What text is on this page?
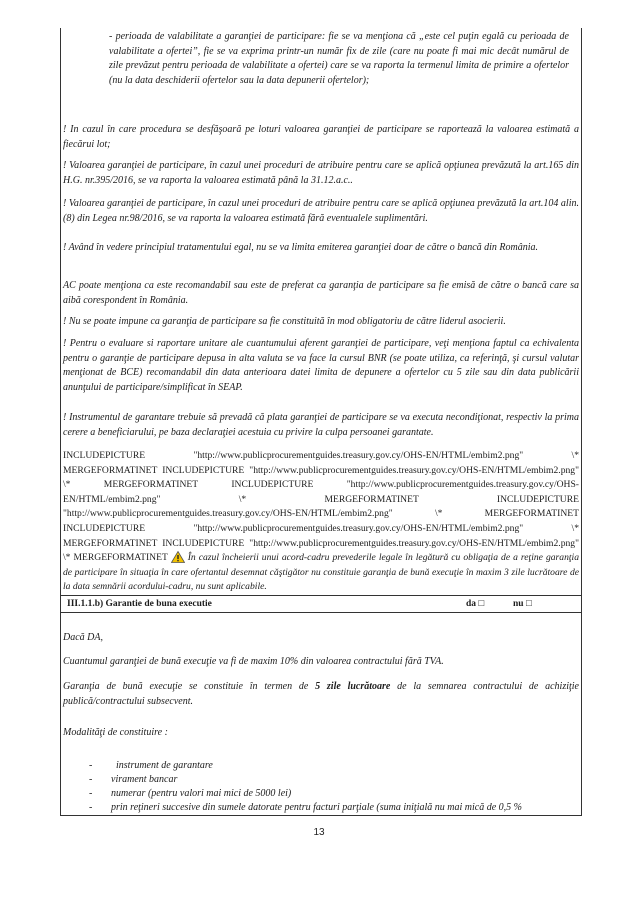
- perioada de valabilitate a garanţiei de participare: fie se va menţiona că „este cel puţin egală cu perioada de valabilitate a ofertei”, fie se va exprima printr-un număr fix de zile (care nu poate fi mai mic decât numărul de zile prevăzut pentru perioada de valabilitate a ofertei) care se va raporta la termenul limita de primire a ofertelor (nu la data deschiderii ofertelor sau la data depunerii ofertelor);

! In cazul în care procedura se desfăşoară pe loturi valoarea garanţiei de participare se raportează la valoarea estimată a fiecărui lot;

! Valoarea garanţiei de participare, în cazul unei proceduri de atribuire pentru care se aplică opţiunea prevăzută la art.165 din H.G. nr.395/2016, se va raporta la valoarea estimată până la 31.12.a.c..

! Valoarea garanţiei de participare, în cazul unei proceduri de atribuire pentru care se aplică opţiunea prevăzută la art.104 alin. (8) din Legea nr.98/2016, se va raporta la valoarea estimată fără eventualele suplimentări.

! Având în vedere principiul tratamentului egal, nu se va limita emiterea garanţiei doar de către o bancă din România.

AC poate menţiona ca este recomandabil sau este de preferat ca garanţia de participare sa fie emisă de către o bancă care sa aibă corespondent în România.

! Nu se poate impune ca garanţia de participare sa fie constituită în mod obligatoriu de către liderul asocierii.

! Pentru o evaluare si raportare unitare ale cuantumului aferent garanţiei de participare, veţi menţiona faptul ca echivalenta pentru o garanţie de participare depusa in alta valuta se va face la cursul BNR (se poate utiliza, ca referinţă, şi cursul valutar menţionat de BCE) recomandabil din data anterioara datei limita de depunere a ofertelor cu 5 zile sau din data publicării anunţului de participare/simplificat în SEAP.

! Instrumentul de garantare trebuie să prevadă că plata garanţiei de participare se va executa necondiţionat, respectiv la prima cerere a beneficiarului, pe baza declaraţiei acestuia cu privire la culpa persoanei garantate.

INCLUDEPICTURE "http://www.publicprocurementguides.treasury.gov.cy/OHS-EN/HTML/embim2.png" \* MERGEFORMATINET INCLUDEPICTURE "http://www.publicprocurementguides.treasury.gov.cy/OHS-EN/HTML/embim2.png" \* MERGEFORMATINET INCLUDEPICTURE "http://www.publicprocurementguides.treasury.gov.cy/OHS-EN/HTML/embim2.png" \* MERGEFORMATINET INCLUDEPICTURE "http://www.publicprocurementguides.treasury.gov.cy/OHS-EN/HTML/embim2.png" \* MERGEFORMATINET INCLUDEPICTURE "http://www.publicprocurementguides.treasury.gov.cy/OHS-EN/HTML/embim2.png" \* MERGEFORMATINET INCLUDEPICTURE "http://www.publicprocurementguides.treasury.gov.cy/OHS-EN/HTML/embim2.png" \* MERGEFORMATINET În cazul încheierii unui acord-cadru prevederile legale în legătură cu obligaţia de a reţine garanţia de participare în situaţia în care ofertantul desemnat căştigător nu constituie garanţia de bună execuţie în maxim 3 zile lucrătoare de la data semnării acordului-cadru, nu sunt aplicabile.

III.1.1.b) Garantie de buna executie	da □	nu □

Dacă DA,

Cuantumul garanţiei de bună execuţie va fi de maxim 10% din valoarea contractului fără TVA.

Garanţia de bună execuţie se constituie în termen de 5 zile lucrătoare de la semnarea contractului de achiziţie publică/contractului subsecvent.

Modalităţi de constituire :

- instrument de garantare
- virament bancar
- numerar (pentru valori mai mici de 5000 lei)
- prin reţineri succesive din sumele datorate pentru facturi parţiale (suma iniţială nu mai mică de 0,5 %
13
